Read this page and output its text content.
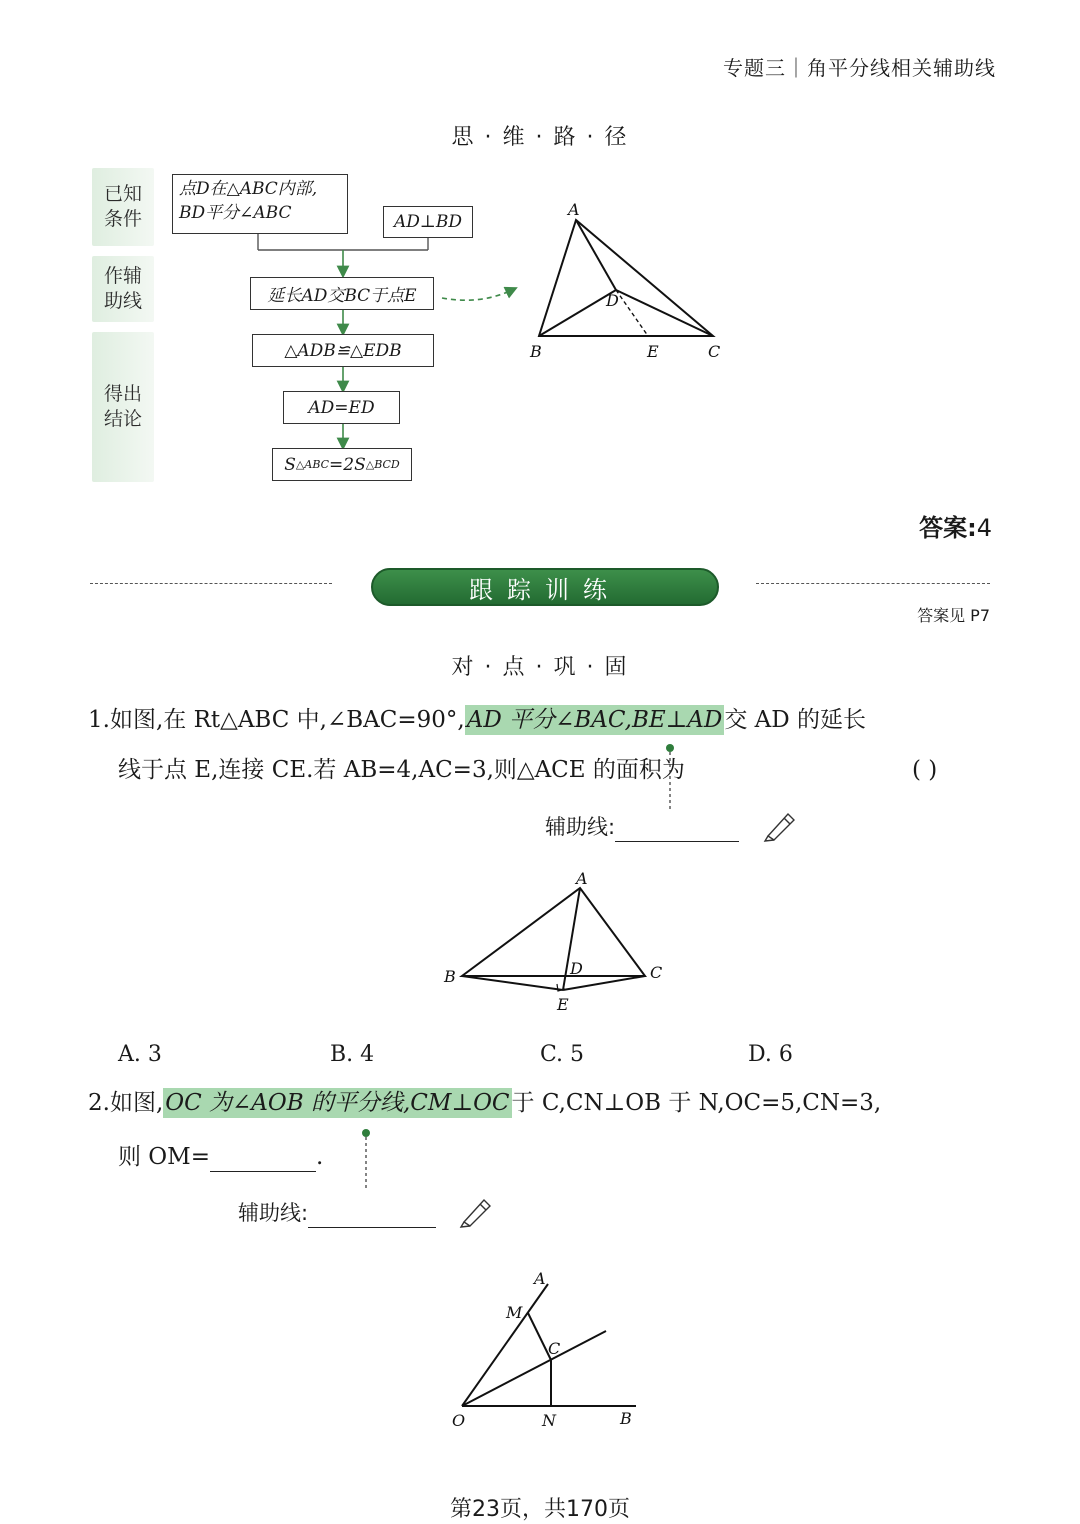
专题三｜角平分线相关辅助线
思 · 维 · 路 · 径
已知
条件
作辅
助线
得出
结论
点D在△ABC内部,
BD平分∠ABC	AD⊥BD
延长AD交BC于点E
△ADB≌△EDB
AD=ED
S △ABC =2S △BCD
A
B	C
D
E
答案:4
跟踪训练
答案见 P7
对 · 点 · 巩 · 固
1.如图,在 Rt△ABC 中,∠BAC=90°,AD 平分∠BAC,BE⊥AD交 AD 的延长
线于点 E,连接 CE.若 AB=4,AC=3,则△ACE 的面积为	( )
辅助线:
A
B	C
D
E
A. 3	B. 4	C. 5	D. 6
2.如图,OC 为∠AOB 的平分线,CM⊥OC于 C,CN⊥OB 于 N,OC=5,CN=3,
则 OM=	.
辅助线:
A
M
C
O	N	B
第23页，共170页
